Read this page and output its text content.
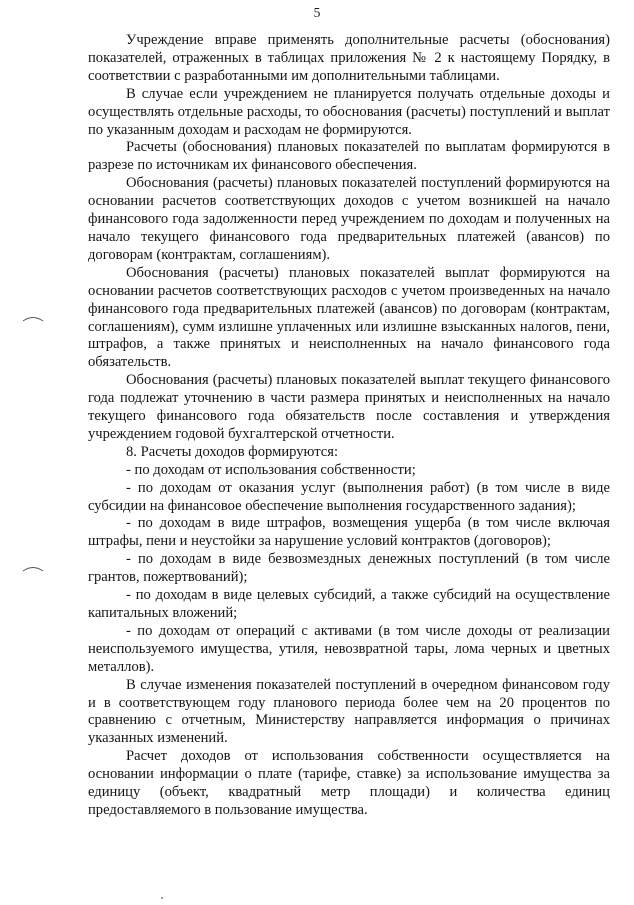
5

Учреждение вправе применять дополнительные расчеты (обоснования) показателей, отраженных в таблицах приложения № 2 к настоящему Порядку, в соответствии с разработанными им дополнительными таблицами.

В случае если учреждением не планируется получать отдельные доходы и осуществлять отдельные расходы, то обоснования (расчеты) поступлений и выплат по указанным доходам и расходам не формируются.

Расчеты (обоснования) плановых показателей по выплатам формируются в разрезе по источникам их финансового обеспечения.

Обоснования (расчеты) плановых показателей поступлений формируются на основании расчетов соответствующих доходов с учетом возникшей на начало финансового года задолженности перед учреждением по доходам и полученных на начало текущего финансового года предварительных платежей (авансов) по договорам (контрактам, соглашениям).

Обоснования (расчеты) плановых показателей выплат формируются на основании расчетов соответствующих расходов с учетом произведенных на начало финансового года предварительных платежей (авансов) по договорам (контрактам, соглашениям), сумм излишне уплаченных или излишне взысканных налогов, пени, штрафов, а также принятых и неисполненных на начало финансового года обязательств.

Обоснования (расчеты) плановых показателей выплат текущего финансового года подлежат уточнению в части размера принятых и неисполненных на начало текущего финансового года обязательств после составления и утверждения учреждением годовой бухгалтерской отчетности.

8. Расчеты доходов формируются:

- по доходам от использования собственности;

- по доходам от оказания услуг (выполнения работ) (в том числе в виде субсидии на финансовое обеспечение выполнения государственного задания);

- по доходам в виде штрафов, возмещения ущерба (в том числе включая штрафы, пени и неустойки за нарушение условий контрактов (договоров);

- по доходам в виде безвозмездных денежных поступлений (в том числе грантов, пожертвований);

- по доходам в виде целевых субсидий, а также субсидий на осуществление капитальных вложений;

- по доходам от операций с активами (в том числе доходы от реализации неиспользуемого имущества, утиля, невозвратной тары, лома черных и цветных металлов).

В случае изменения показателей поступлений в очередном финансовом году и в соответствующем году планового периода более чем на 20 процентов по сравнению с отчетным, Министерству направляется информация о причинах указанных изменений.

Расчет доходов от использования собственности осуществляется на основании информации о плате (тарифе, ставке) за использование имущества за единицу (объект, квадратный метр площади) и количества единиц предоставляемого в пользование имущества.
